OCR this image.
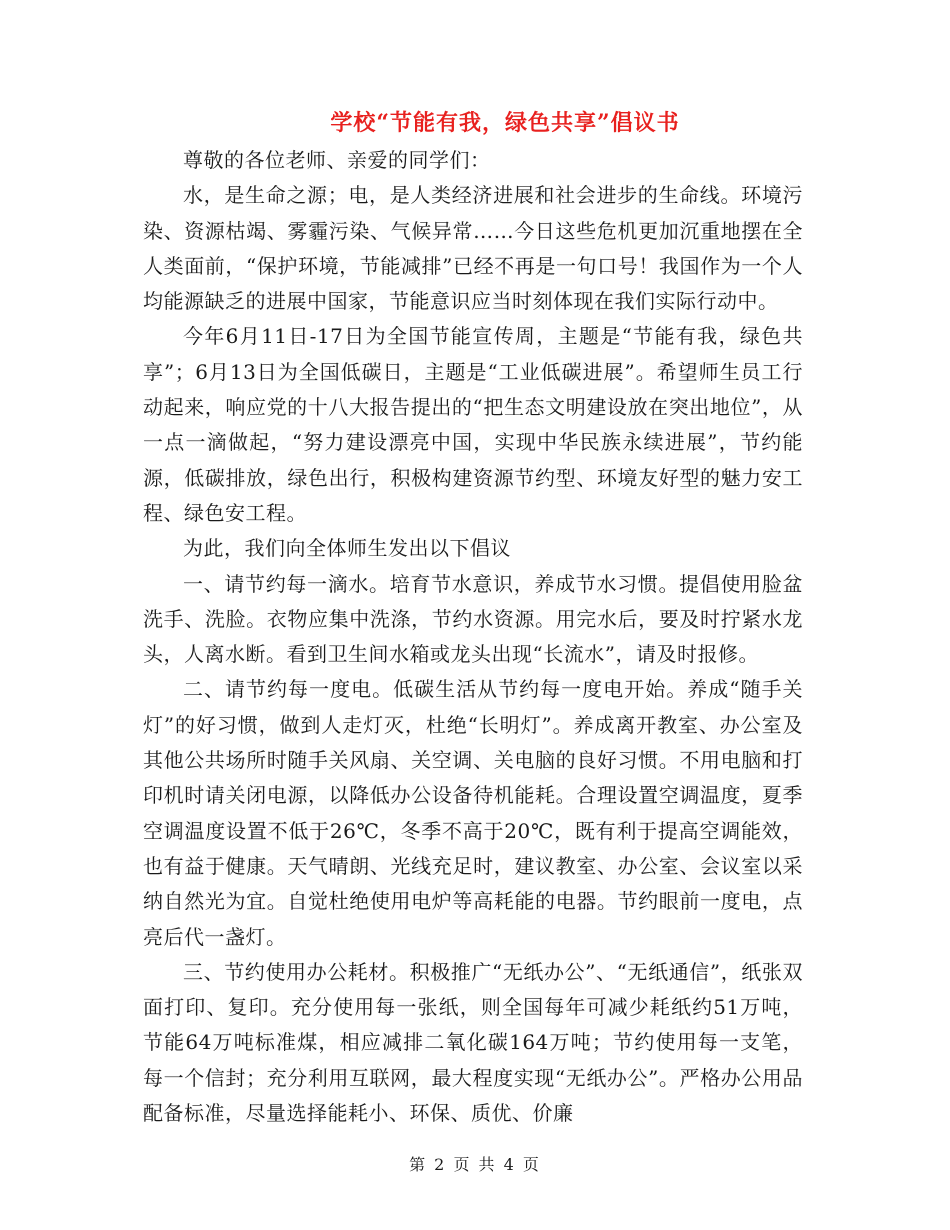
学校“节能有我，绿色共享”倡议书

尊敬的各位老师、亲爱的同学们：

水，是生命之源；电，是人类经济进展和社会进步的生命线。环境污染、资源枯竭、雾霾污染、气候异常……今日这些危机更加沉重地摆在全人类面前，“保护环境，节能减排”已经不再是一句口号！我国作为一个人均能源缺乏的进展中国家，节能意识应当时刻体现在我们实际行动中。

今年6月11日-17日为全国节能宣传周，主题是“节能有我，绿色共享”；6月13日为全国低碳日，主题是“工业低碳进展”。希望师生员工行动起来，响应党的十八大报告提出的“把生态文明建设放在突出地位”，从一点一滴做起，“努力建设漂亮中国，实现中华民族永续进展”，节约能源，低碳排放，绿色出行，积极构建资源节约型、环境友好型的魅力安工程、绿色安工程。

为此，我们向全体师生发出以下倡议

一、请节约每一滴水。培育节水意识，养成节水习惯。提倡使用脸盆洗手、洗脸。衣物应集中洗涤，节约水资源。用完水后，要及时拧紧水龙头，人离水断。看到卫生间水箱或龙头出现“长流水”，请及时报修。

二、请节约每一度电。低碳生活从节约每一度电开始。养成“随手关灯”的好习惯，做到人走灯灭，杜绝“长明灯”。养成离开教室、办公室及其他公共场所时随手关风扇、关空调、关电脑的良好习惯。不用电脑和打印机时请关闭电源，以降低办公设备待机能耗。合理设置空调温度，夏季空调温度设置不低于26℃，冬季不高于20℃，既有利于提高空调能效，也有益于健康。天气晴朗、光线充足时，建议教室、办公室、会议室以采纳自然光为宜。自觉杜绝使用电炉等高耗能的电器。节约眼前一度电，点亮后代一盏灯。

三、节约使用办公耗材。积极推广“无纸办公”、“无纸通信”，纸张双面打印、复印。充分使用每一张纸，则全国每年可减少耗纸约51万吨，节能64万吨标准煤，相应减排二氧化碳164万吨；节约使用每一支笔，每一个信封；充分利用互联网，最大程度实现“无纸办公”。严格办公用品配备标准，尽量选择能耗小、环保、质优、价廉

第 2 页 共 4 页
